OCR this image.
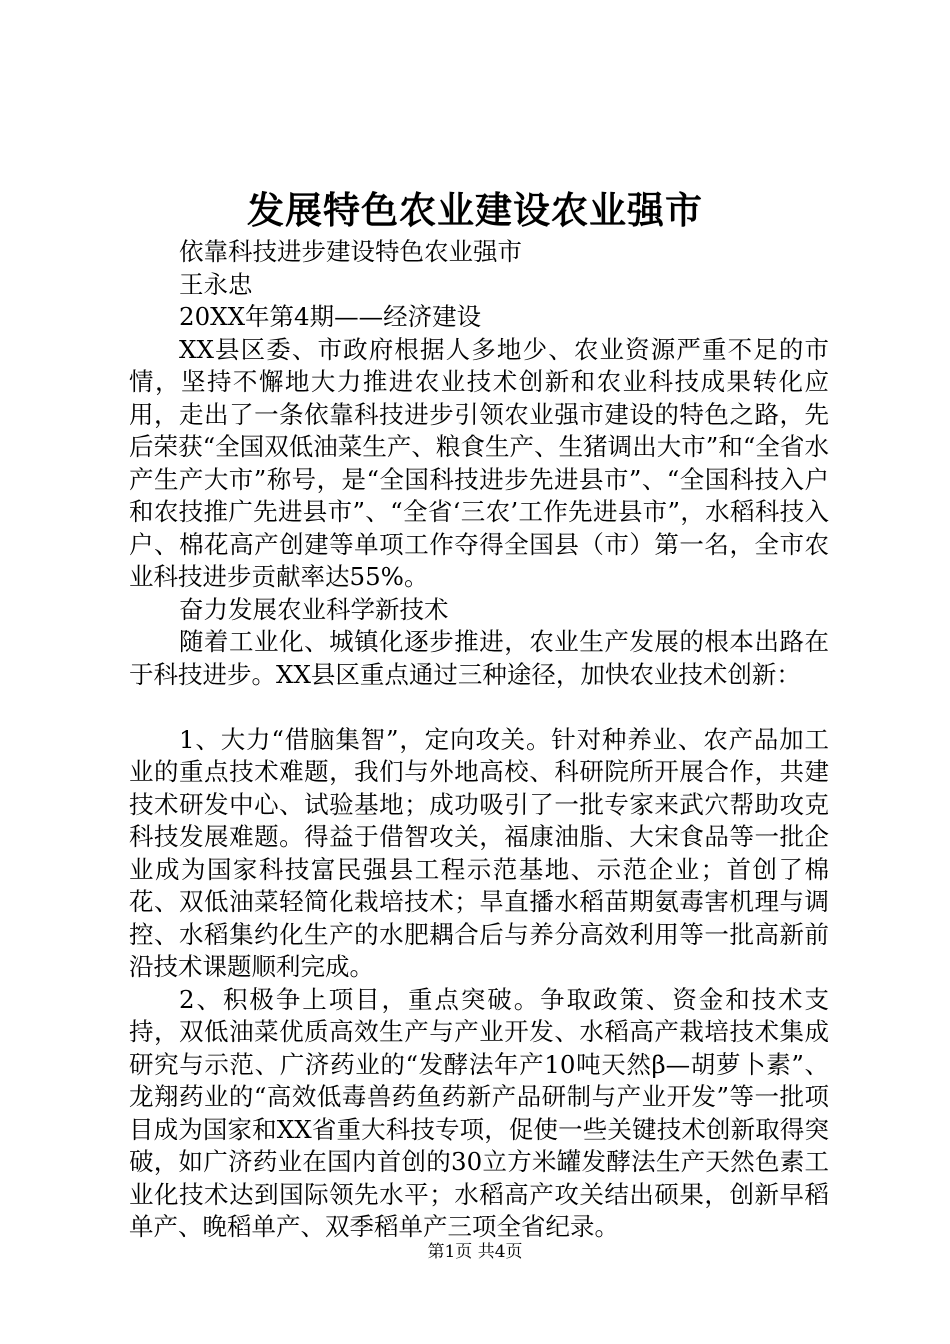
发展特色农业建设农业强市

依靠科技进步建设特色农业强市

王永忠

20XX年第4期——经济建设

XX县区委、市政府根据人多地少、农业资源严重不足的市情，坚持不懈地大力推进农业技术创新和农业科技成果转化应用，走出了一条依靠科技进步引领农业强市建设的特色之路，先后荣获“全国双低油菜生产、粮食生产、生猪调出大市”和“全省水产生产大市”称号，是“全国科技进步先进县市”、“全国科技入户和农技推广先进县市”、“全省‘三农’工作先进县市”，水稻科技入户、棉花高产创建等单项工作夺得全国县（市）第一名，全市农业科技进步贡献率达55%。

奋力发展农业科学新技术

随着工业化、城镇化逐步推进，农业生产发展的根本出路在于科技进步。XX县区重点通过三种途径，加快农业技术创新：

1、大力“借脑集智”，定向攻关。针对种养业、农产品加工业的重点技术难题，我们与外地高校、科研院所开展合作，共建技术研发中心、试验基地；成功吸引了一批专家来武穴帮助攻克科技发展难题。得益于借智攻关，福康油脂、大宋食品等一批企业成为国家科技富民强县工程示范基地、示范企业；首创了棉花、双低油菜轻简化栽培技术；旱直播水稻苗期氨毒害机理与调控、水稻集约化生产的水肥耦合后与养分高效利用等一批高新前沿技术课题顺利完成。

2、积极争上项目，重点突破。争取政策、资金和技术支持，双低油菜优质高效生产与产业开发、水稻高产栽培技术集成研究与示范、广济药业的“发酵法年产10吨天然β—胡萝卜素”、龙翔药业的“高效低毒兽药鱼药新产品研制与产业开发”等一批项目成为国家和XX省重大科技专项，促使一些关键技术创新取得突破，如广济药业在国内首创的30立方米罐发酵法生产天然色素工业化技术达到国际领先水平；水稻高产攻关结出硕果，创新早稻单产、晚稻单产、双季稻单产三项全省纪录。

第1页 共4页
